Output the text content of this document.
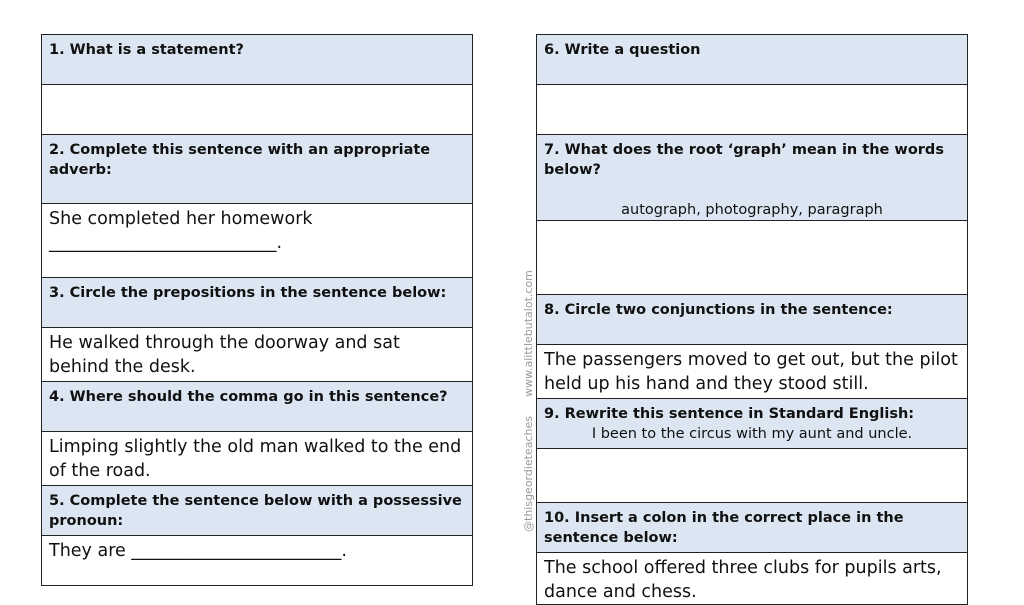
1. What is a statement?

2. Complete this sentence with an appropriate adverb:
She completed her homework __________________________.
3. Circle the prepositions in the sentence below:
He walked through the doorway and sat behind the desk.
4. Where should the comma go in this sentence?
Limping slightly the old man walked to the end of the road.
5. Complete the sentence below with a possessive pronoun:
They are ________________________.
6. Write a question

7. What does the root ‘graph’ mean in the words below?
autograph, photography, paragraph

8. Circle two conjunctions in the sentence:
The passengers moved to get out, but the pilot held up his hand and they stood still.
9. Rewrite this sentence in Standard English:
I been to the circus with my aunt and uncle.

10. Insert a colon in the correct place in the sentence below:
The school offered three clubs for pupils arts, dance and chess.
www.alittlebutalot.com
@thisgeordieteaches
